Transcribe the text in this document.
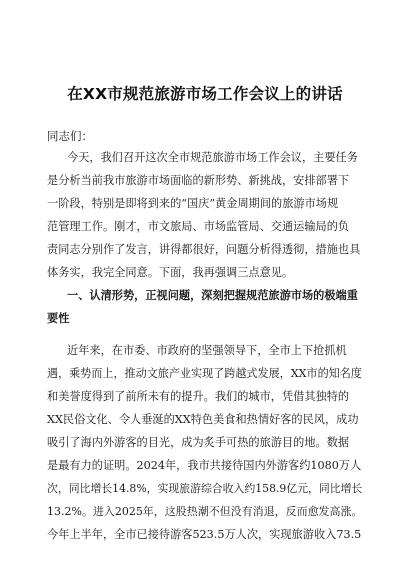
在XX市规范旅游市场工作会议上的讲话
同志们：
今天，我们召开这次全市规范旅游市场工作会议，主要任务
是分析当前我市旅游市场面临的新形势、新挑战，安排部署下
一阶段，特别是即将到来的“国庆”黄金周期间的旅游市场规
范管理工作。刚才，市文旅局、市场监管局、交通运输局的负
责同志分别作了发言，讲得都很好，问题分析得透彻，措施也具
体务实，我完全同意。下面，我再强调三点意见。
一、认清形势，正视问题，深刻把握规范旅游市场的极端重
要性
近年来，在市委、市政府的坚强领导下，全市上下抢抓机
遇，乘势而上，推动文旅产业实现了跨越式发展，XX市的知名度
和美誉度得到了前所未有的提升。我们的城市，凭借其独特的
XX民俗文化、令人垂涎的XX特色美食和热情好客的民风，成功
吸引了海内外游客的目光，成为炙手可热的旅游目的地。数据
是最有力的证明。2024年，我市共接待国内外游客约1080万人
次，同比增长14.8%，实现旅游综合收入约158.9亿元，同比增长
13.2%。进入2025年，这股热潮不但没有消退，反而愈发高涨。
今年上半年，全市已接待游客523.5万人次，实现旅游收入73.5
